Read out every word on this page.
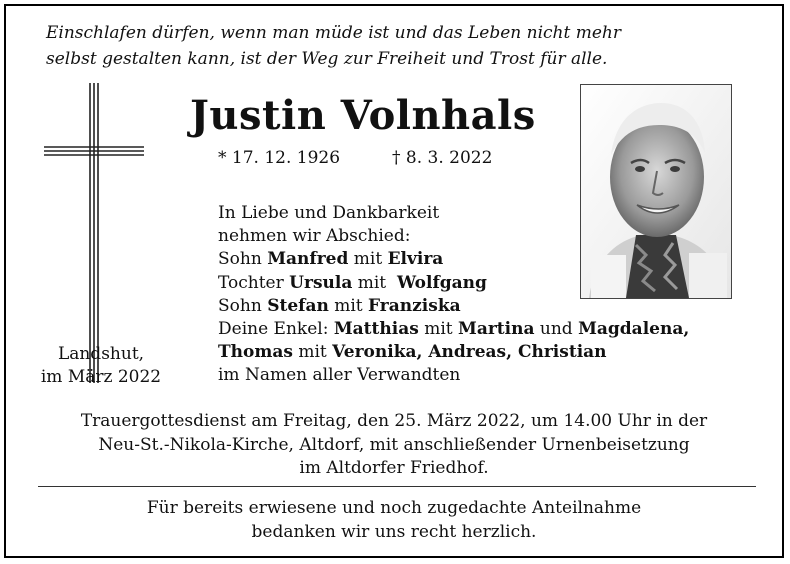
Einschlafen dürfen, wenn man müde ist und das Leben nicht mehr
selbst gestalten kann, ist der Weg zur Freiheit und Trost für alle.
Justin Volnhals
* 17. 12. 1926	† 8. 3. 2022
In Liebe und Dankbarkeit
nehmen wir Abschied:
Sohn Manfred mit Elvira
Tochter Ursula mit  Wolfgang
Sohn Stefan mit Franziska
Deine Enkel: Matthias mit Martina und Magdalena,
Thomas mit Veronika, Andreas, Christian
im Namen aller Verwandten
Landshut,
im März 2022
Trauergottesdienst am Freitag, den 25. März 2022, um 14.00 Uhr in der
Neu-St.-Nikola-Kirche, Altdorf, mit anschließender Urnenbeisetzung
im Altdorfer Friedhof.
Für bereits erwiesene und noch zugedachte Anteilnahme
bedanken wir uns recht herzlich.
